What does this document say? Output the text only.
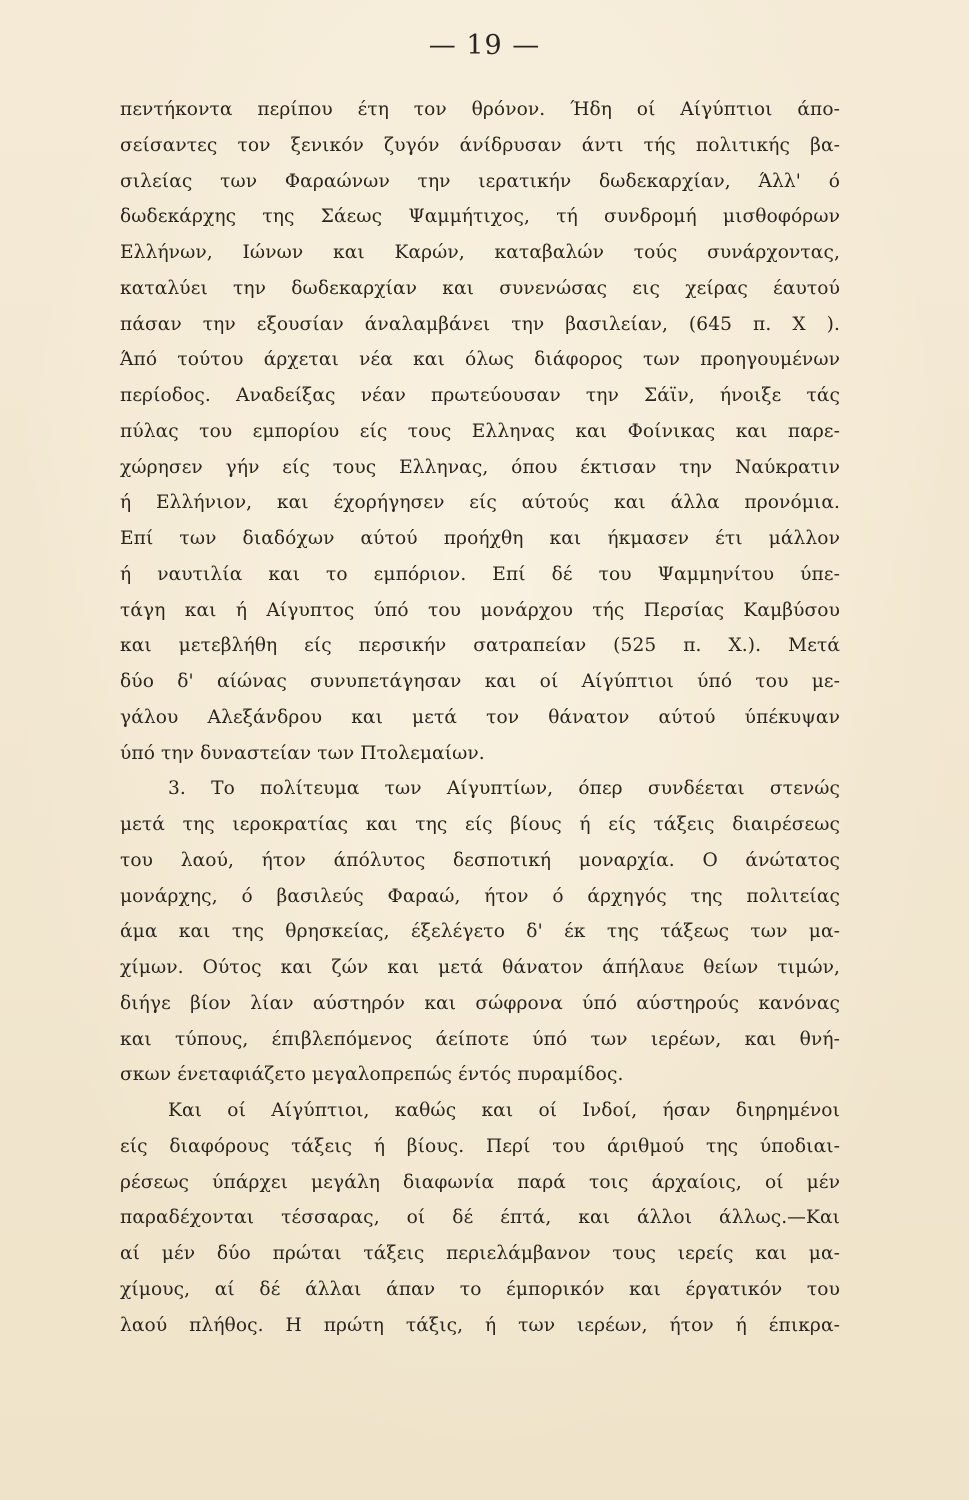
— 19 —
πεντήκοντα περίπου έτη τον θρόνον. Ήδη οί Αίγύπτιοι άπο-
σείσαντες τον ξενικόν ζυγόν άνίδρυσαν άντι τής πολιτικής βα-
σιλείας των Φαραώνων την ιερατικήν δωδεκαρχίαν, Άλλ' ό
δωδεκάρχης της Σάεως Ψαμμήτιχος, τή συνδρομή μισθοφόρων
Ελλήνων, Ιώνων και Καρών, καταβαλών τούς συνάρχοντας,
καταλύει την δωδεκαρχίαν και συνενώσας εις χείρας έαυτού
πάσαν την εξουσίαν άναλαμβάνει την βασιλείαν, (645 π. Χ ).
Άπό τούτου άρχεται νέα και όλως διάφορος των προηγουμένων
περίοδος. Αναδείξας νέαν πρωτεύουσαν την Σάϊν, ήνοιξε τάς
πύλας του εμπορίου είς τους Ελληνας και Φοίνικας και παρε-
χώρησεν γήν είς τους Ελληνας, όπου έκτισαν την Ναύκρατιν
ή Ελλήνιον, και έχορήγησεν είς αύτούς και άλλα προνόμια.
Επί των διαδόχων αύτού προήχθη και ήκμασεν έτι μάλλον
ή ναυτιλία και το εμπόριον. Επί δέ του Ψαμμηνίτου ύπε-
τάγη και ή Αίγυπτος ύπό του μονάρχου τής Περσίας Καμβύσου
και μετεβλήθη είς περσικήν σατραπείαν (525 π. Χ.). Μετά
δύο δ' αίώνας συνυπετάγησαν και οί Αίγύπτιοι ύπό του με-
γάλου Αλεξάνδρου και μετά τον θάνατον αύτού ύπέκυψαν
ύπό την δυναστείαν των Πτολεμαίων.
3. Το πολίτευμα των Αίγυπτίων, όπερ συνδέεται στενώς
μετά της ιεροκρατίας και της είς βίους ή είς τάξεις διαιρέσεως
του λαού, ήτον άπόλυτος δεσποτική μοναρχία. Ο άνώτατος
μονάρχης, ό βασιλεύς Φαραώ, ήτον ό άρχηγός της πολιτείας
άμα και της θρησκείας, έξελέγετο δ' έκ της τάξεως των μα-
χίμων. Ούτος και ζών και μετά θάνατον άπήλαυε θείων τιμών,
διήγε βίον λίαν αύστηρόν και σώφρονα ύπό αύστηρούς κανόνας
και τύπους, έπιβλεπόμενος άείποτε ύπό των ιερέων, και θνή-
σκων ένεταφιάζετο μεγαλοπρεπώς έντός πυραμίδος.
Και οί Αίγύπτιοι, καθώς και οί Ινδοί, ήσαν διηρημένοι
είς διαφόρους τάξεις ή βίους. Περί του άριθμού της ύποδιαι-
ρέσεως ύπάρχει μεγάλη διαφωνία παρά τοις άρχαίοις, οί μέν
παραδέχονται τέσσαρας, οί δέ έπτά, και άλλοι άλλως.—Και
αί μέν δύο πρώται τάξεις περιελάμβανον τους ιερείς και μα-
χίμους, αί δέ άλλαι άπαν το έμπορικόν και έργατικόν του
λαού πλήθος. Η πρώτη τάξις, ή των ιερέων, ήτον ή έπικρα-
